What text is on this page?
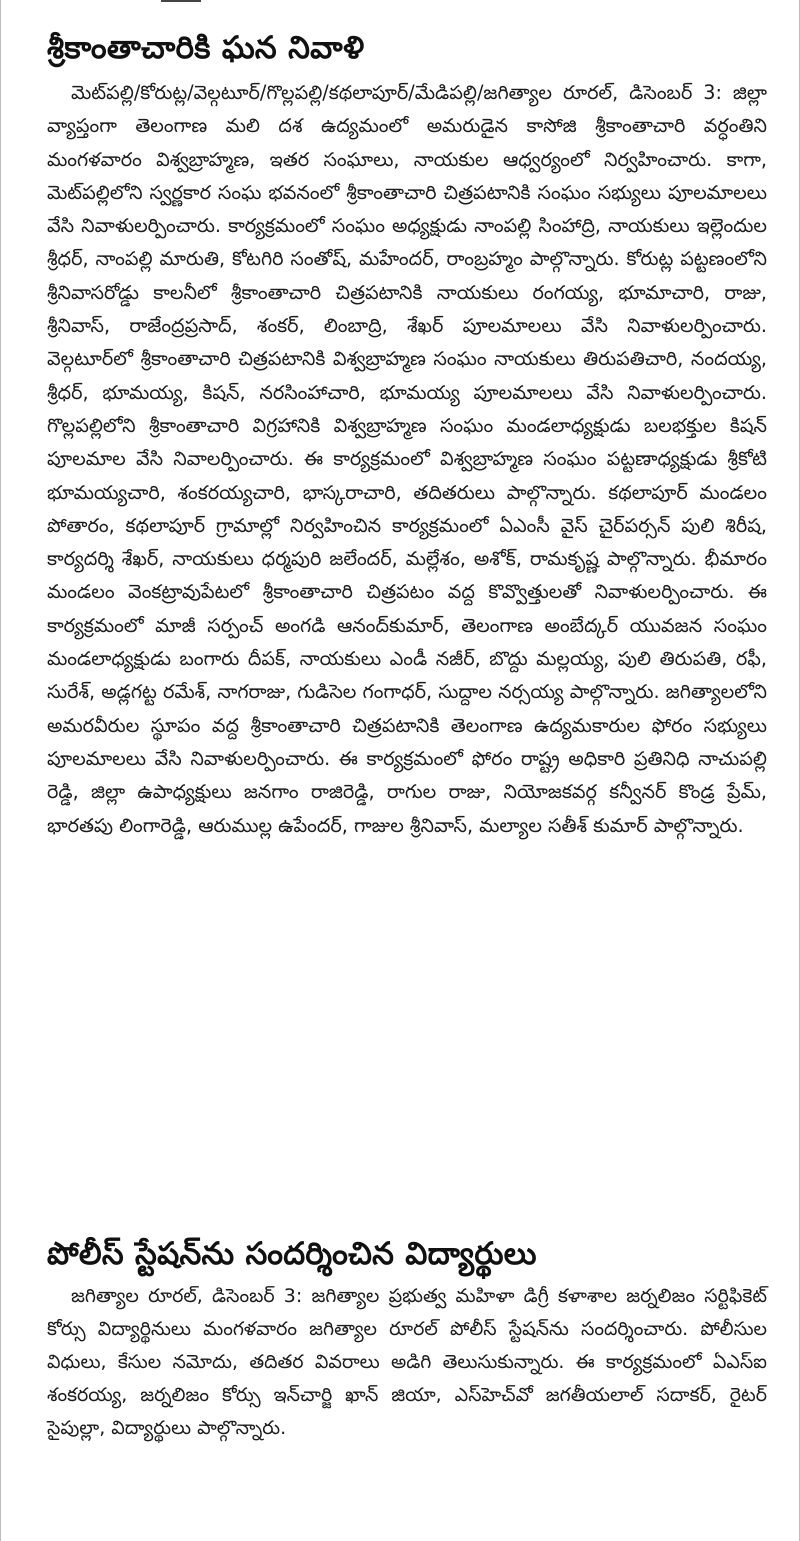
శ్రీకాంతాచారికి ఘన నివాళి

మెట్‌పల్లి/కోరుట్ల/వెల్గటూర్/గొల్లపల్లి/కథలాపూర్/మేడిపల్లి/జగిత్యాల రూరల్, డిసెంబర్ 3: జిల్లా వ్యాప్తంగా తెలంగాణ మలి దశ ఉద్యమంలో అమరుడైన కాసోజి శ్రీకాంతాచారి వర్ధంతిని మంగళవారం విశ్వబ్రాహ్మణ, ఇతర సంఘాలు, నాయకుల ఆధ్వర్యంలో నిర్వహించారు. కాగా, మెట్‌పల్లిలోని స్వర్ణకార సంఘ భవనంలో శ్రీకాంతాచారి చిత్రపటానికి సంఘం సభ్యులు పూలమాలలు వేసి నివాళులర్పించారు. కార్యక్రమంలో సంఘం అధ్యక్షుడు నాంపల్లి సింహాద్రి, నాయకులు ఇల్లెందుల శ్రీధర్, నాంపల్లి మారుతి, కోటగిరి సంతోష్, మహేందర్, రాంబ్రహ్మం పాల్గొన్నారు. కోరుట్ల పట్టణంలోని శ్రీనివాసరోడ్డు కాలనీలో శ్రీకాంతాచారి చిత్రపటానికి నాయకులు రంగయ్య, భూమాచారి, రాజు, శ్రీనివాస్, రాజేంద్రప్రసాద్, శంకర్, లింబాద్రి, శేఖర్ పూలమాలలు వేసి నివాళులర్పించారు. వెల్గటూర్‌లో శ్రీకాంతాచారి చిత్రపటానికి విశ్వబ్రాహ్మణ సంఘం నాయకులు తిరుపతిచారి, నందయ్య, శ్రీధర్, భూమయ్య, కిషన్, నరసింహాచారి, భూమయ్య పూలమాలలు వేసి నివాళులర్పించారు. గొల్లపల్లిలోని శ్రీకాంతాచారి విగ్రహానికి విశ్వబ్రాహ్మణ సంఘం మండలాధ్యక్షుడు బలభక్తుల కిషన్ పూలమాల వేసి నివాలర్పించారు. ఈ కార్యక్రమంలో విశ్వబ్రాహ్మణ సంఘం పట్టణాధ్యక్షుడు శ్రీకోటి భూమయ్యచారి, శంకరయ్యచారి, భాస్కరాచారి, తదితరులు పాల్గొన్నారు. కథలాపూర్ మండలం పోతారం, కథలాపూర్ గ్రామాల్లో నిర్వహించిన కార్యక్రమంలో ఏఎంసీ వైస్ చైర్‌పర్సన్ పులి శిరీష, కార్యదర్శి శేఖర్, నాయకులు ధర్మపురి జలేందర్, మల్లేశం, అశోక్, రామకృష్ణ పాల్గొన్నారు. భీమారం మండలం వెంకట్రావుపేటలో శ్రీకాంతాచారి చిత్రపటం వద్ద కొవ్వొత్తులతో నివాళులర్పించారు. ఈ కార్యక్రమంలో మాజీ సర్పంచ్ అంగడి ఆనంద్‌కుమార్, తెలంగాణ అంబేద్కర్ యువజన సంఘం మండలాధ్యక్షుడు బంగారు దీపక్, నాయకులు ఎండీ నజీర్, బొద్దు మల్లయ్య, పులి తిరుపతి, రఫీ, సురేశ్, అడ్లగట్ట రమేశ్, నాగరాజు, గుడిసెల గంగాధర్, సుద్దాల నర్సయ్య పాల్గొన్నారు. జగిత్యాలలోని అమరవీరుల స్థూపం వద్ద శ్రీకాంతాచారి చిత్రపటానికి తెలంగాణ ఉద్యమకారుల ఫోరం సభ్యులు పూలమాలలు వేసి నివాళులర్పించారు. ఈ కార్యక్రమంలో ఫోరం రాష్ట్ర అధికారి ప్రతినిధి నాచుపల్లి రెడ్డి, జిల్లా ఉపాధ్యక్షులు జనగాం రాజిరెడ్డి, రాగుల రాజు, నియోజకవర్గ కన్వీనర్ కొండ్ర ప్రేమ్, భారతపు లింగారెడ్డి, ఆరుముల్ల ఉపేందర్, గాజుల శ్రీనివాస్, మల్యాల సతీశ్ కుమార్ పాల్గొన్నారు.

పోలీస్ స్టేషన్‌ను సందర్శించిన విద్యార్థులు

జగిత్యాల రూరల్, డిసెంబర్ 3: జగిత్యాల ప్రభుత్వ మహిళా డిగ్రీ కళాశాల జర్నలిజం సర్టిఫికెట్ కోర్సు విద్యార్థినులు మంగళవారం జగిత్యాల రూరల్ పోలీస్ స్టేషన్‌ను సందర్శించారు. పోలీసుల విధులు, కేసుల నమోదు, తదితర వివరాలు అడిగి తెలుసుకున్నారు. ఈ కార్యక్రమంలో ఏఎస్ఐ శంకరయ్య, జర్నలిజం కోర్సు ఇన్‌చార్జి ఖాన్ జియా, ఎస్‌హెచ్‌వో జగతీయలాల్ సదాకర్, రైటర్ సైపుల్లా, విద్యార్థులు పాల్గొన్నారు.
